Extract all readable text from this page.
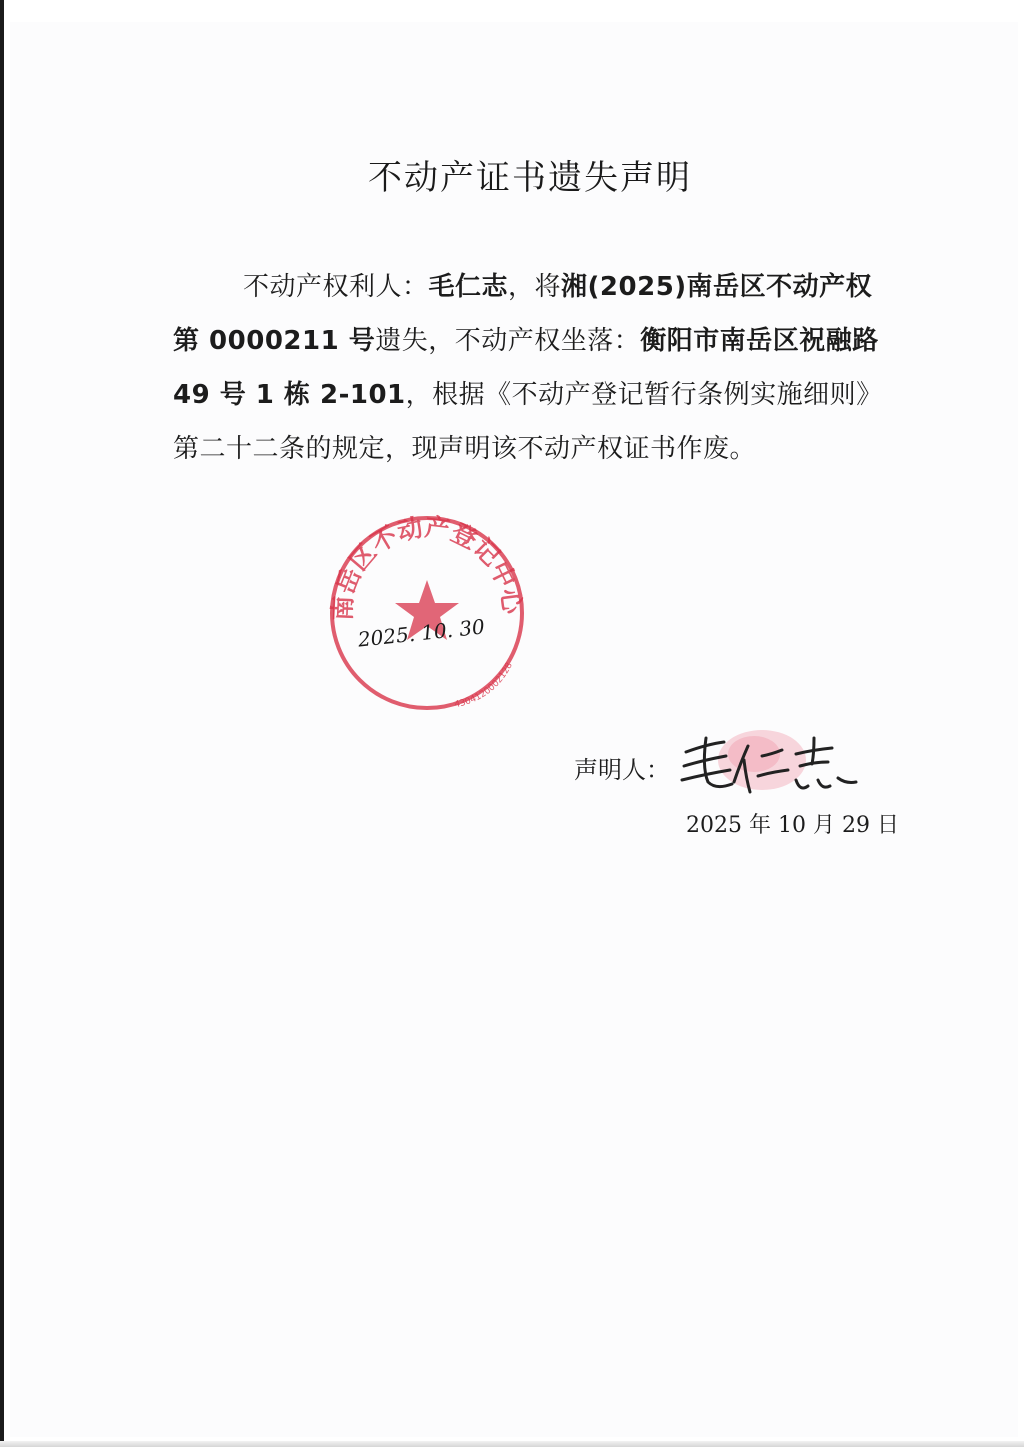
不动产证书遗失声明
不动产权利人：毛仁志，将湘(2025)南岳区不动产权
第 0000211 号遗失，不动产权坐落：衡阳市南岳区祝融路
49 号 1 栋 2-101，根据《不动产登记暂行条例实施细则》
第二十二条的规定，现声明该不动产权证书作废。
南岳区不动产登记中心
4304120002128
2025. 10. 30
声明人：
2025 年 10 月 29 日
